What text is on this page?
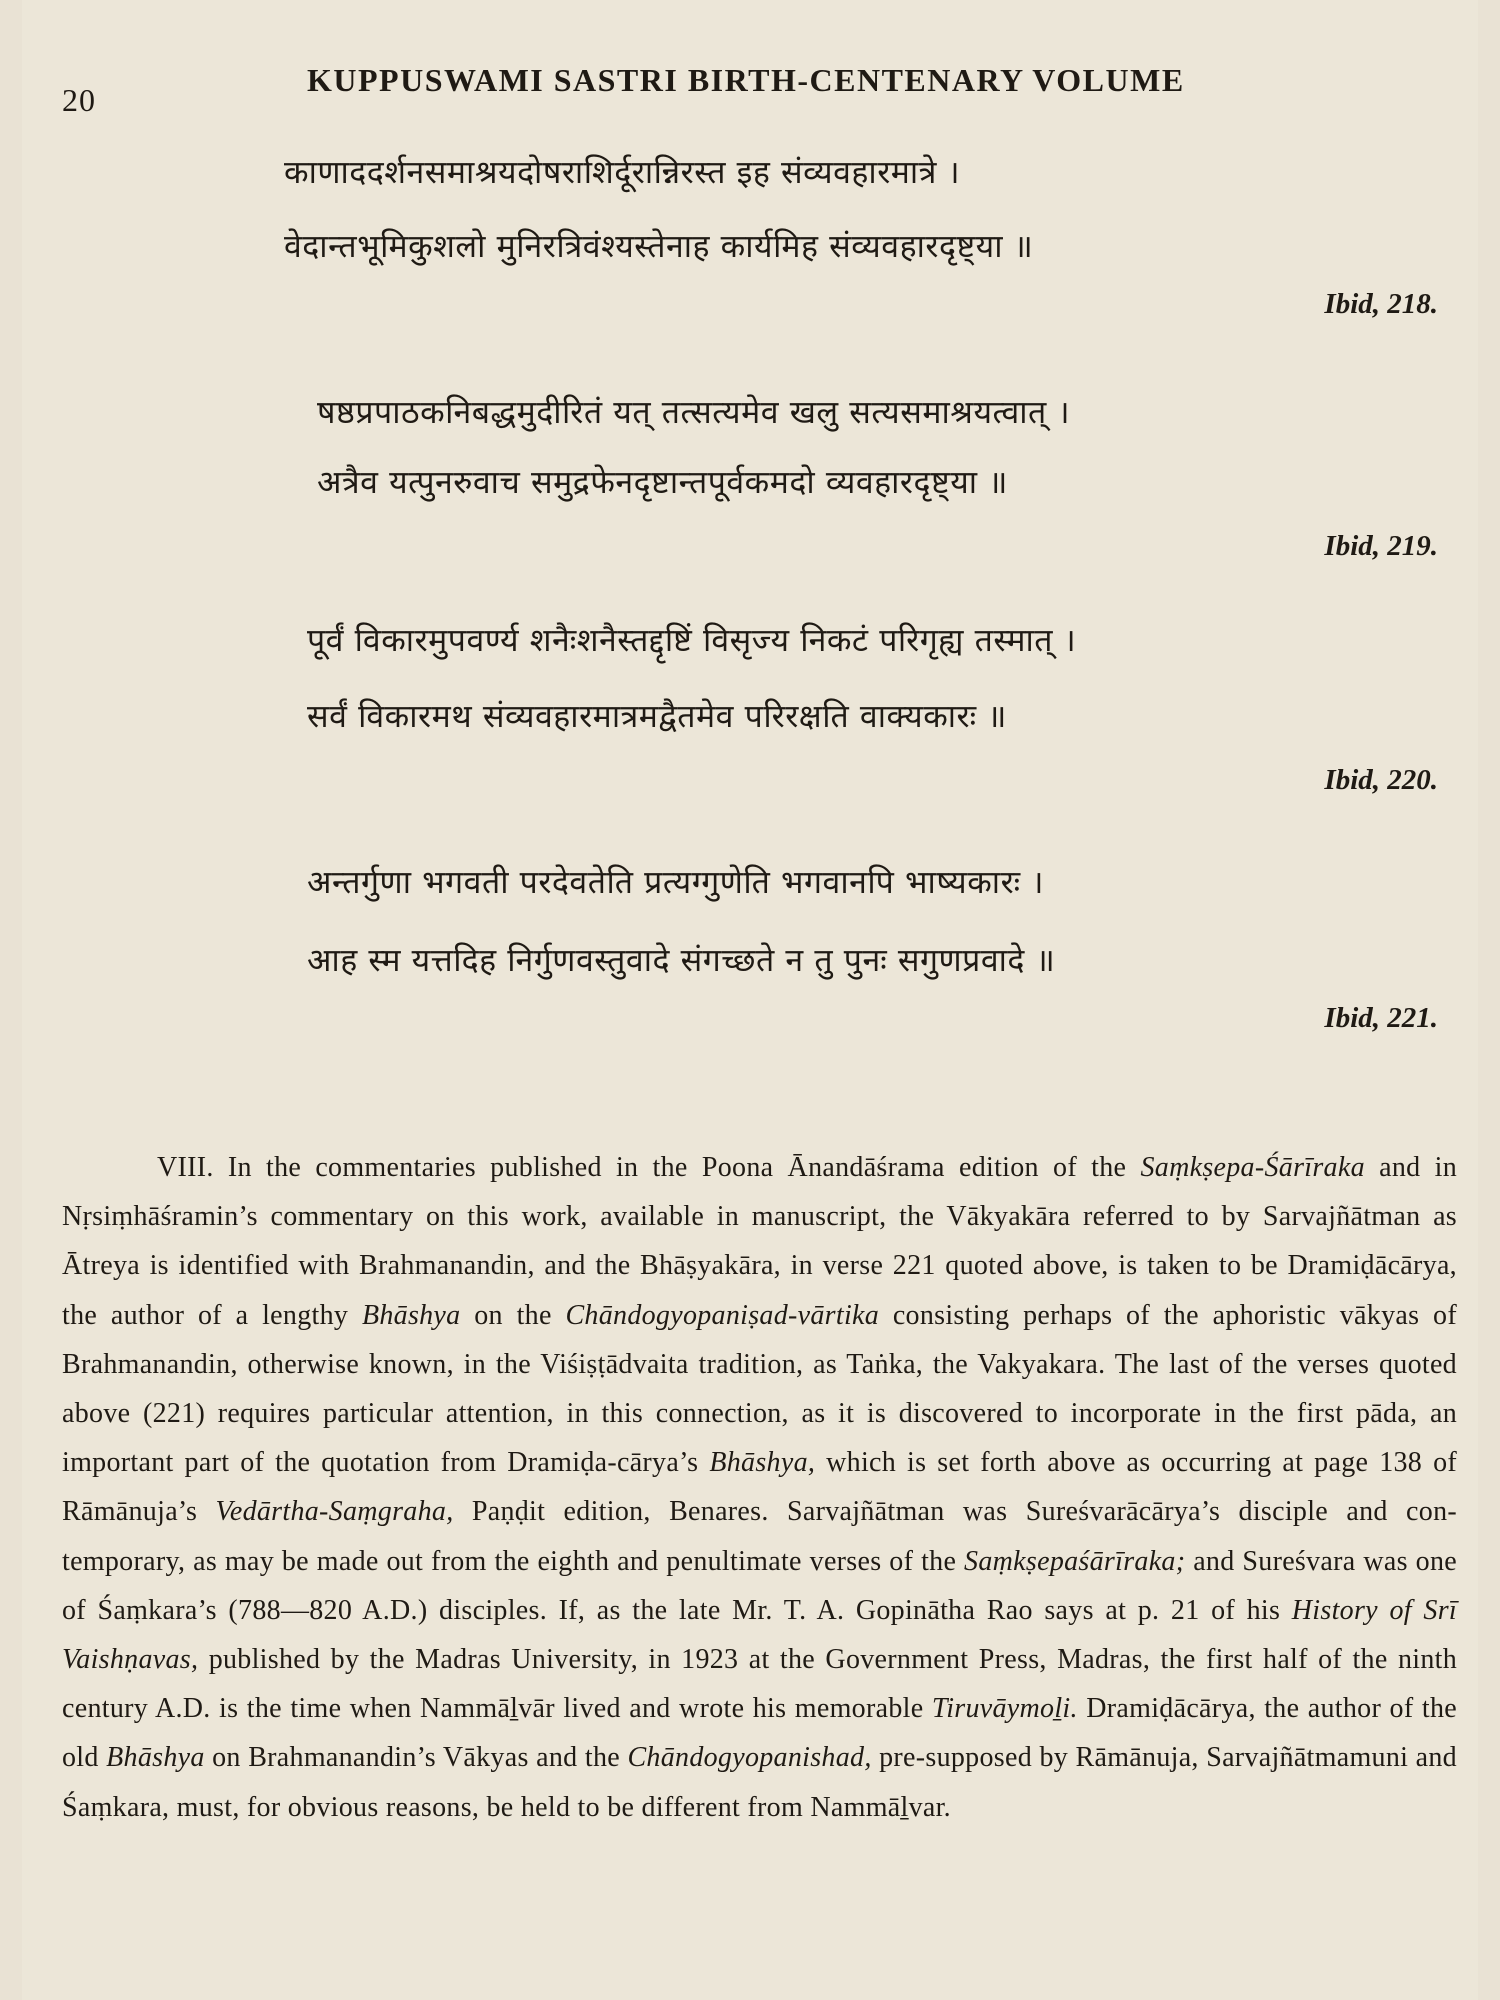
20
KUPPUSWAMI SASTRI BIRTH-CENTENARY VOLUME
काणाददर्शनसमाश्रयदोषराशिर्दूरान्निरस्त इह संव्यवहारमात्रे ।
वेदान्तभूमिकुशलो मुनिरत्रिवंश्यस्तेनाह कार्यमिह संव्यवहारदृष्ट्या ॥
Ibid, 218.
षष्ठप्रपाठकनिबद्धमुदीरितं यत् तत्सत्यमेव खलु सत्यसमाश्रयत्वात् ।
अत्रैव यत्पुनरुवाच समुद्रफेनदृष्टान्तपूर्वकमदो व्यवहारदृष्ट्या ॥
Ibid, 219.
पूर्वं विकारमुपवर्ण्य शनैःशनैस्तद्दृष्टिं विसृज्य निकटं परिगृह्य तस्मात् ।
सर्वं विकारमथ संव्यवहारमात्रमद्वैतमेव परिरक्षति वाक्यकारः ॥
Ibid, 220.
अन्तर्गुणा भगवती परदेवतेति प्रत्यग्गुणेति भगवानपि भाष्यकारः ।
आह स्म यत्तदिह निर्गुणवस्तुवादे संगच्छते न तु पुनः सगुणप्रवादे ॥
Ibid, 221.

VIII. In the commentaries published in the Poona Ānandāśrama edition of the Saṃkṣepa-Śārīraka and in Nṛsiṃhāśramin’s commentary on this work, available in manuscript, the Vākyakāra referred to by Sarvajñātman as Ātreya is identified with Brahmanandin, and the Bhāṣyakāra, in verse 221 quoted above, is taken to be Dramiḍācārya, the author of a lengthy Bhāshya on the Chāndogyopaniṣad-vārtika consisting perhaps of the aphoristic vākyas of Brahmanandin, otherwise known, in the Viśiṣṭādvaita tradition, as Taṅka, the Vakyakara. The last of the verses quoted above (221) requires particular attention, in this connection, as it is discovered to incorporate in the first pāda, an important part of the quotation from Dramiḍa-cārya’s Bhāshya, which is set forth above as occurring at page 138 of Rāmānuja’s Vedārtha-Saṃgraha, Paṇḍit edition, Benares. Sarvajñātman was Sureśvarācārya’s disciple and con-temporary, as may be made out from the eighth and penultimate verses of the Saṃkṣepaśārīraka; and Sureśvara was one of Śaṃkara’s (788—820 A.D.) disciples. If, as the late Mr. T. A. Gopinātha Rao says at p. 21 of his History of Srī Vaishṇavas, published by the Madras University, in 1923 at the Government Press, Madras, the first half of the ninth century A.D. is the time when Nammāḻvār lived and wrote his memorable Tiruvāymoḻi. Dramiḍācārya, the author of the old Bhāshya on Brahmanandin’s Vākyas and the Chāndogyopanishad, pre-supposed by Rāmānuja, Sarvajñātmamuni and Śaṃkara, must, for obvious reasons, be held to be different from Nammāḻvar.
